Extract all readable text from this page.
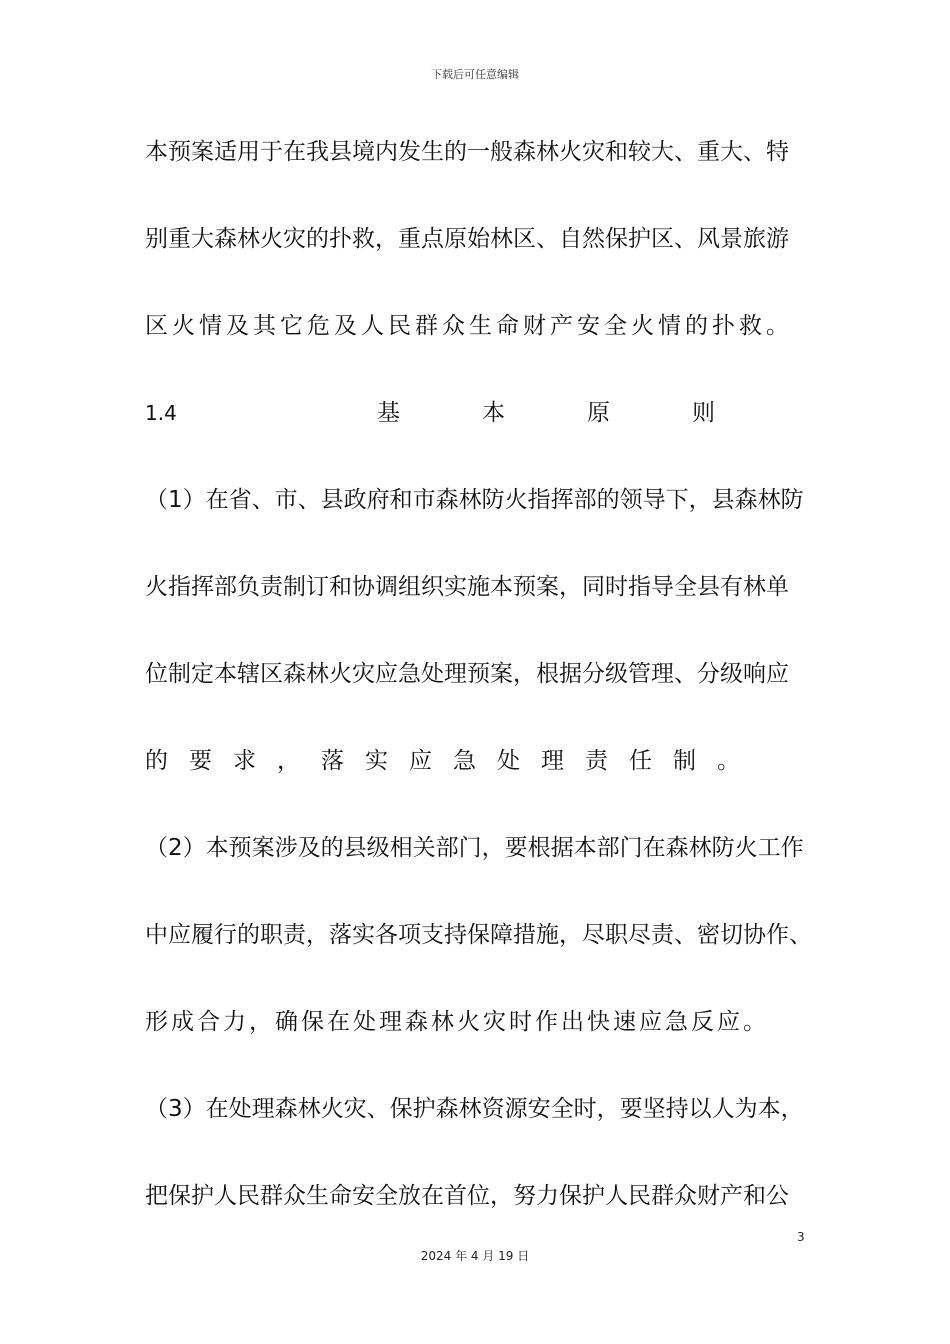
下载后可任意编辑
本预案适用于在我县境内发生的一般森林火灾和较大、重大、特
别重大森林火灾的扑救，重点原始林区、自然保护区、风景旅游
区火情及其它危及人民群众生命财产安全火情的扑救。
1.4	基	本	原	则
（1）在省、市、县政府和市森林防火指挥部的领导下，县森林防
火指挥部负责制订和协调组织实施本预案，同时指导全县有林单
位制定本辖区森林火灾应急处理预案，根据分级管理、分级响应
的要求，落实应急处理责任制。
（2）本预案涉及的县级相关部门，要根据本部门在森林防火工作
中应履行的职责，落实各项支持保障措施，尽职尽责、密切协作、
形成合力，确保在处理森林火灾时作出快速应急反应。
（3）在处理森林火灾、保护森林资源安全时，要坚持以人为本，
把保护人民群众生命安全放在首位，努力保护人民群众财产和公
3
2024 年 4 月 19 日
